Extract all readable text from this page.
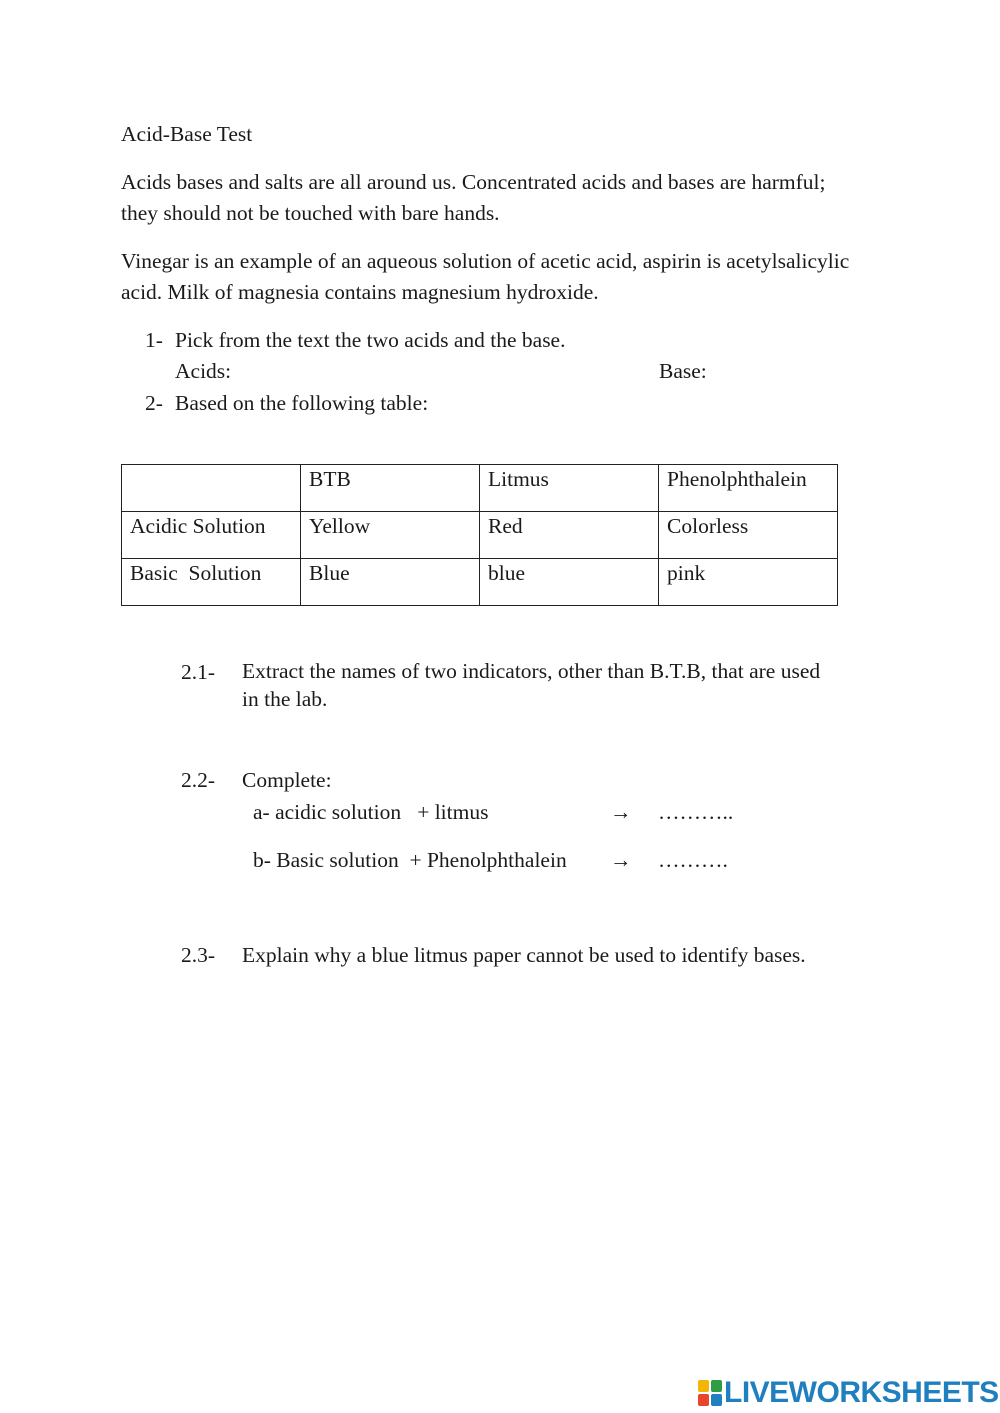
Acid-Base Test
Acids bases and salts are all around us. Concentrated acids and bases are harmful; they should not be touched with bare hands.
Vinegar is an example of an aqueous solution of acetic acid, aspirin is acetylsalicylic acid. Milk of magnesia contains magnesium hydroxide.
1- Pick from the text the two acids and the base.
Acids:	Base:
2- Based on the following table:
	BTB	Litmus	Phenolphthalein
Acidic Solution	Yellow	Red	Colorless
Basic  Solution	Blue	blue	pink
2.1- Extract the names of two indicators, other than B.T.B, that are used
in the lab.
2.2- Complete:
a- acidic solution   + litmus	→ ………..
b- Basic solution  + Phenolphthalein → ……….
2.3- Explain why a blue litmus paper cannot be used to identify bases.
LIVEWORKSHEETS
